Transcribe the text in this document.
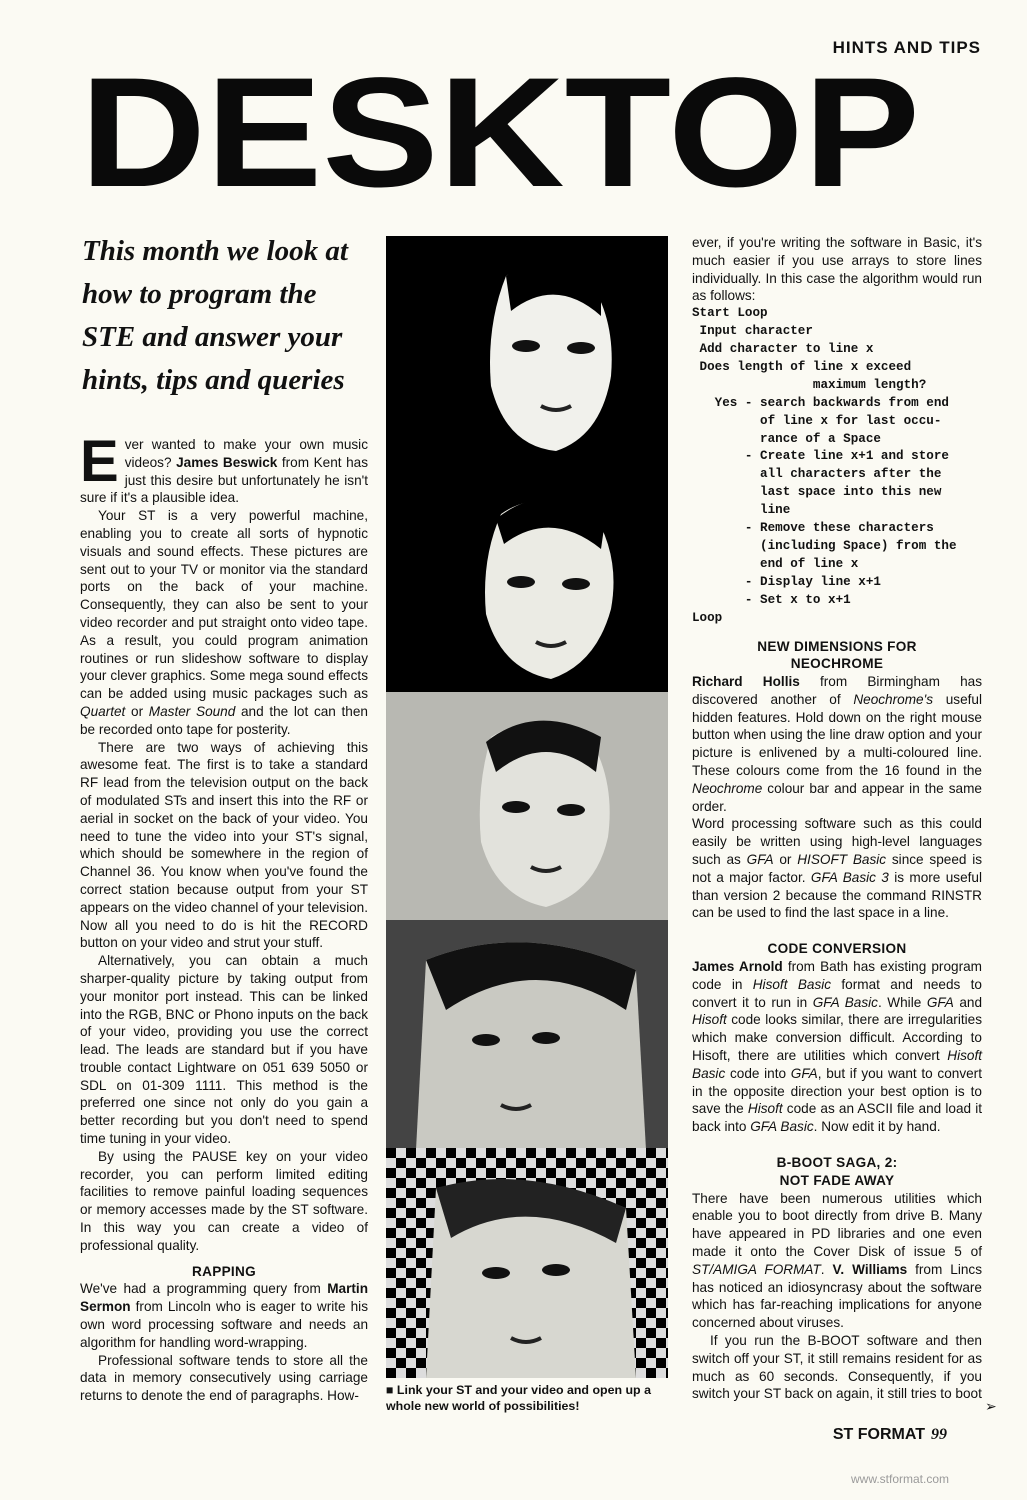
HINTS AND TIPS
DESKTOP
This month we look at how to program the STE and answer your hints, tips and queries

Ever wanted to make your own music videos? James Beswick from Kent has just this desire but unfortunately he isn't sure if it's a plausible idea.

Your ST is a very powerful machine, enabling you to create all sorts of hypnotic visuals and sound effects. These pictures are sent out to your TV or monitor via the standard ports on the back of your machine. Consequently, they can also be sent to your video recorder and put straight onto video tape. As a result, you could program animation routines or run slideshow software to display your clever graphics. Some mega sound effects can be added using music packages such as Quartet or Master Sound and the lot can then be recorded onto tape for posterity.

There are two ways of achieving this awesome feat. The first is to take a standard RF lead from the television output on the back of modulated STs and insert this into the RF or aerial in socket on the back of your video. You need to tune the video into your ST's signal, which should be somewhere in the region of Channel 36. You know when you've found the correct station because output from your ST appears on the video channel of your television. Now all you need to do is hit the RECORD button on your video and strut your stuff.

Alternatively, you can obtain a much sharper-quality picture by taking output from your monitor port instead. This can be linked into the RGB, BNC or Phono inputs on the back of your video, providing you use the correct lead. The leads are standard but if you have trouble contact Lightware on 051 639 5050 or SDL on 01-309 1111. This method is the preferred one since not only do you gain a better recording but you don't need to spend time tuning in your video.

By using the PAUSE key on your video recorder, you can perform limited editing facilities to remove painful loading sequences or memory accesses made by the ST software. In this way you can create a video of professional quality.

RAPPING

We've had a programming query from Martin Sermon from Lincoln who is eager to write his own word processing software and needs an algorithm for handling word-wrapping.

Professional software tends to store all the data in memory consecutively using carriage returns to denote the end of paragraphs. How-	■ Link your ST and your video and open up a whole new world of possibilities!

ever, if you're writing the software in Basic, it's much easier if you use arrays to store lines individually. In this case the algorithm would run as follows:

Start Loop
Input character
Add character to line x
Does length of line x exceed
maximum length?
Yes - search backwards from end
of line x for last occu-
rance of a Space
- Create line x+1 and store
all characters after the
last space into this new
line
- Remove these characters
(including Space) from the
end of line x
- Display line x+1
- Set x to x+1
Loop
NEW DIMENSIONS FOR NEOCHROME

Richard Hollis from Birmingham has discovered another of Neochrome's useful hidden features. Hold down on the right mouse button when using the line draw option and your picture is enlivened by a multi-coloured line. These colours come from the 16 found in the Neochrome colour bar and appear in the same order.

Word processing software such as this could easily be written using high-level languages such as GFA or HISOFT Basic since speed is not a major factor. GFA Basic 3 is more useful than version 2 because the command RINSTR can be used to find the last space in a line.

CODE CONVERSION

James Arnold from Bath has existing program code in Hisoft Basic format and needs to convert it to run in GFA Basic. While GFA and Hisoft code looks similar, there are irregularities which make conversion difficult. According to Hisoft, there are utilities which convert Hisoft Basic code into GFA, but if you want to convert in the opposite direction your best option is to save the Hisoft code as an ASCII file and load it back into GFA Basic. Now edit it by hand.

B-BOOT SAGA, 2:
NOT FADE AWAY

There have been numerous utilities which enable you to boot directly from drive B. Many have appeared in PD libraries and one even made it onto the Cover Disk of issue 5 of ST/AMIGA FORMAT. V. Williams from Lincs has noticed an idiosyncrasy about the software which has far-reaching implications for anyone concerned about viruses.

If you run the B-BOOT software and then switch off your ST, it still remains resident for as much as 60 seconds. Consequently, if you switch your ST back on again, it still tries to boot

➢
ST FORMAT 99
www.stformat.com
